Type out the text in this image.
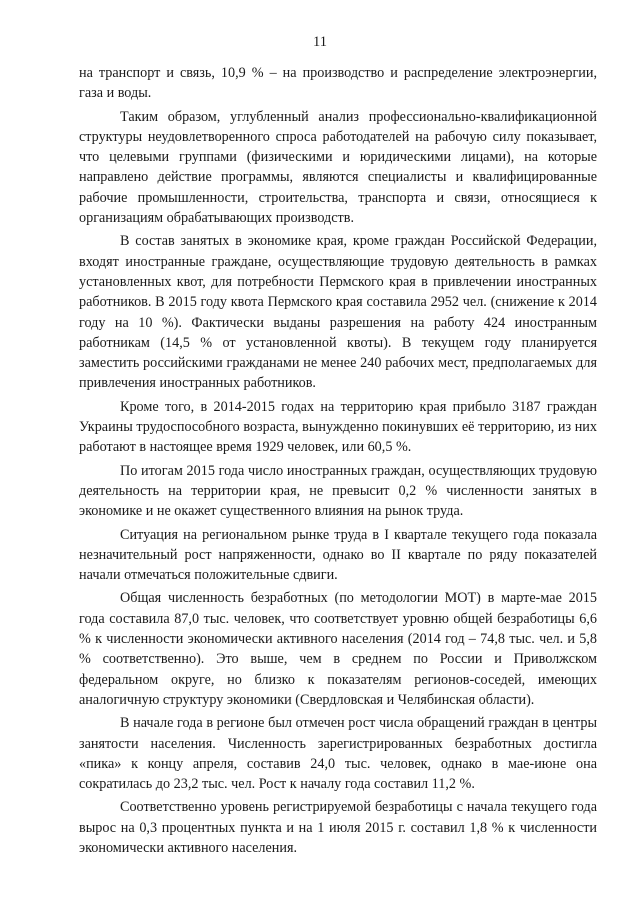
11

на транспорт и связь, 10,9 % – на производство и распределение электроэнергии, газа и воды.

Таким образом, углубленный анализ профессионально-квалификационной структуры неудовлетворенного спроса работодателей на рабочую силу показывает, что целевыми группами (физическими и юридическими лицами), на которые направлено действие программы, являются специалисты и квалифицированные рабочие промышленности, строительства, транспорта и связи, относящиеся к организациям обрабатывающих производств.

В состав занятых в экономике края, кроме граждан Российской Федерации, входят иностранные граждане, осуществляющие трудовую деятельность в рамках установленных квот, для потребности Пермского края в привлечении иностранных работников. В 2015 году квота Пермского края составила 2952 чел. (снижение к 2014 году на 10 %). Фактически выданы разрешения на работу 424 иностранным работникам (14,5 % от установленной квоты). В текущем году планируется заместить российскими гражданами не менее 240 рабочих мест, предполагаемых для привлечения иностранных работников.

Кроме того, в 2014-2015 годах на территорию края прибыло 3187 граждан Украины трудоспособного возраста, вынужденно покинувших её территорию, из них работают в настоящее время 1929 человек, или 60,5 %.

По итогам 2015 года число иностранных граждан, осуществляющих трудовую деятельность на территории края, не превысит 0,2 % численности занятых в экономике и не окажет существенного влияния на рынок труда.

Ситуация на региональном рынке труда в I квартале текущего года показала незначительный рост напряженности, однако во II квартале по ряду показателей начали отмечаться положительные сдвиги.

Общая численность безработных (по методологии МОТ) в марте-мае 2015 года составила 87,0 тыс. человек, что соответствует уровню общей безработицы 6,6 % к численности экономически активного населения (2014 год – 74,8 тыс. чел. и 5,8 % соответственно). Это выше, чем в среднем по России и Приволжском федеральном округе, но близко к показателям регионов-соседей, имеющих аналогичную структуру экономики (Свердловская и Челябинская области).

В начале года в регионе был отмечен рост числа обращений граждан в центры занятости населения. Численность зарегистрированных безработных достигла «пика» к концу апреля, составив 24,0 тыс. человек, однако в мае-июне она сократилась до 23,2 тыс. чел. Рост к началу года составил 11,2 %.

Соответственно уровень регистрируемой безработицы с начала текущего года вырос на 0,3 процентных пункта и на 1 июля 2015 г. составил 1,8 % к численности экономически активного населения.
